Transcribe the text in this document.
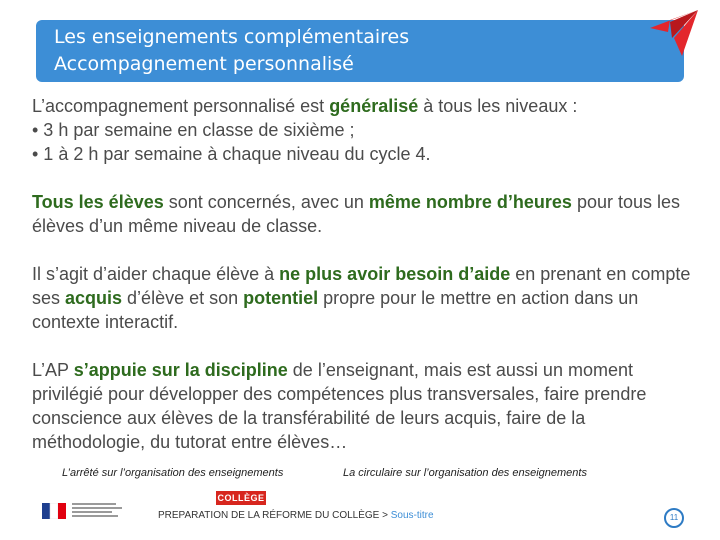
Les enseignements complémentaires
Accompagnement personnalisé
L’accompagnement personnalisé est généralisé à tous les niveaux :
• 3 h par semaine en classe de sixième ;
• 1 à 2 h par semaine à chaque niveau du cycle 4.
Tous les élèves sont concernés, avec un même nombre d’heures pour tous les élèves d’un même niveau de classe.
Il s’agit d’aider chaque élève à ne plus avoir besoin d’aide en prenant en compte ses acquis d’élève et son potentiel propre pour le mettre en action dans un contexte interactif.
L’AP s’appuie sur la discipline de l’enseignant, mais est aussi un moment privilégié pour développer des compétences plus transversales, faire prendre conscience aux élèves de la transférabilité de leurs acquis, faire de la méthodologie, du tutorat entre élèves…
L’arrêté sur l’organisation des enseignements	La circulaire sur l’organisation des enseignements
COLLÈGE
PREPARATION DE LA RÉFORME DU COLLÈGE > Sous-titre	11
